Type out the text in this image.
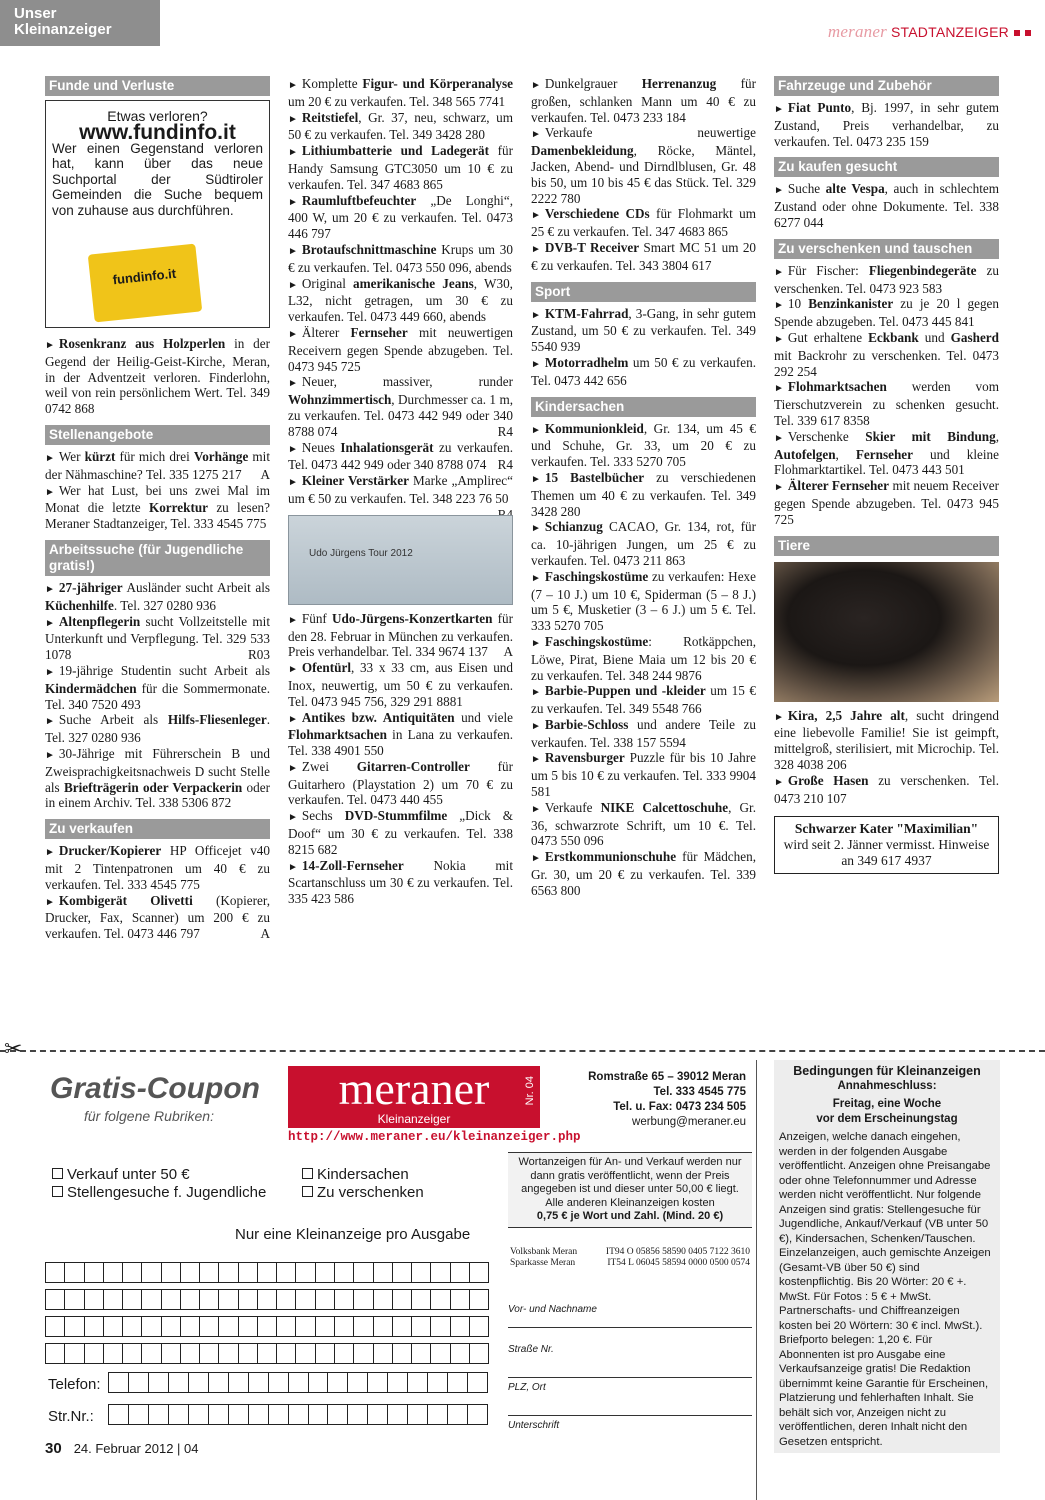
Unser
Kleinanzeiger	meraner STADTANZEIGER
Funde und Verluste
Etwas verloren?
www.fundinfo.it
Wer einen Gegenstand verloren hat, kann über das neue Suchportal der Südtiroler Gemeinden die Suche bequem von zuhause aus durchführen.
fundinfo.it

► Rosenkranz aus Holzperlen in der Gegend der Heilig-Geist-Kirche, Meran, in der Adventzeit verloren. Finderlohn, weil von rein persönlichem Wert. Tel. 349 0742 868

Stellenangebote

► Wer kürzt für mich drei Vorhänge mit der Nähmaschine? Tel. 335 1275 217 A

► Wer hat Lust, bei uns zwei Mal im Monat die letzte Korrektur zu lesen? Meraner Stadtanzeiger, Tel. 333 4545 775

Arbeitssuche (für Jugendliche gratis!)

► 27-jähriger Ausländer sucht Arbeit als Küchenhilfe. Tel. 327 0280 936

► Altenpflegerin sucht Vollzeitstelle mit Unterkunft und Verpflegung. Tel. 329 533 1078	R03

► 19-jährige Studentin sucht Arbeit als Kindermädchen für die Sommermonate. Tel. 340 7520 493

► Suche Arbeit als Hilfs-Fliesenleger. Tel. 327 0280 936

► 30-Jährige mit Führerschein B und Zweisprachigkeitsnachweis D sucht Stelle als Briefträgerin oder Verpackerin oder in einem Archiv. Tel. 338 5306 872

Zu verkaufen

► Drucker/Kopierer HP Officejet v40 mit 2 Tintenpatronen um 40 € zu verkaufen. Tel. 333 4545 775

► Kombigerät Olivetti (Kopierer, Drucker, Fax, Scanner) um 200 € zu verkaufen. Tel. 0473 446 797	A

► Komplette Figur- und Körperanalyse um 20 € zu verkaufen. Tel. 348 565 7741

► Reitstiefel, Gr. 37, neu, schwarz, um 50 € zu verkaufen. Tel. 349 3428 280

► Lithiumbatterie und Ladegerät für Handy Samsung GTC3050 um 10 € zu verkaufen. Tel. 347 4683 865

► Raumluftbefeuchter „De Longhi“, 400 W, um 20 € zu verkaufen. Tel. 0473 446 797

► Brotaufschnittmaschine Krups um 30 € zu verkaufen. Tel. 0473 550 096, abends

► Original amerikanische Jeans, W30, L32, nicht getragen, um 30 € zu verkaufen. Tel. 0473 449 660, abends

► Älterer Fernseher mit neuwertigen Receivern gegen Spende abzugeben. Tel. 0473 945 725

► Neuer, massiver, runder Wohnzimmertisch, Durchmesser ca. 1 m, zu verkaufen. Tel. 0473 442 949 oder 340 8788 074	R4

► Neues Inhalationsgerät zu verkaufen. Tel. 0473 442 949 oder 340 8788 074 R4

► Kleiner Verstärker Marke „Amplirec“ um € 50 zu verkaufen. Tel. 348 223 76 50

Udo Jürgens Tour 2012

► Fünf Udo-Jürgens-Konzertkarten für den 28. Februar in München zu verkaufen. Preis verhandelbar. Tel. 334 9674 137 A

► Ofentürl, 33 x 33 cm, aus Eisen und Inox, neuwertig, um 50 € zu verkaufen. Tel. 0473 945 756, 329 291 8881

► Antikes bzw. Antiquitäten und viele Flohmarktsachen in Lana zu verkaufen. Tel. 338 4901 550

► Zwei Gitarren-Controller für Guitarhero (Playstation 2) um 70 € zu verkaufen. Tel. 0473 440 455

► Sechs DVD-Stummfilme „Dick & Doof“ um 30 € zu verkaufen. Tel. 338 8215 682

► 14-Zoll-Fernseher Nokia mit Scartanschluss um 30 € zu verkaufen. Tel. 335 423 586

► Dunkelgrauer Herrenanzug für großen, schlanken Mann um 40 € zu verkaufen. Tel. 0473 233 184

► Verkaufe neuwertige Damenbekleidung, Röcke, Mäntel, Jacken, Abend- und Dirndlblusen, Gr. 48 bis 50, um 10 bis 45 € das Stück. Tel. 329 2222 780

► Verschiedene CDs für Flohmarkt um 25 € zu verkaufen. Tel. 347 4683 865

► DVB-T Receiver Smart MC 51 um 20 € zu verkaufen. Tel. 343 3804 617

Sport

► KTM-Fahrrad, 3-Gang, in sehr gutem Zustand, um 50 € zu verkaufen. Tel. 349 5540 939

► Motorradhelm um 50 € zu verkaufen. Tel. 0473 442 656

Kindersachen

► Kommunionkleid, Gr. 134, um 45 € und Schuhe, Gr. 33, um 20 € zu verkaufen. Tel. 333 5270 705

► 15 Bastelbücher zu verschiedenen Themen um 40 € zu verkaufen. Tel. 349 3428 280

► Schianzug CACAO, Gr. 134, rot, für ca. 10-jährigen Jungen, um 25 € zu verkaufen. Tel. 0473 211 863

► Faschingskostüme zu verkaufen: Hexe (7 – 10 J.) um 10 €, Spiderman (5 – 8 J.) um 5 €, Musketier (3 – 6 J.) um 5 €. Tel. 333 5270 705

► Faschingskostüme: Rotkäppchen, Löwe, Pirat, Biene Maia um 12 bis 20 € zu verkaufen. Tel. 348 244 9876

► Barbie-Puppen und -kleider um 15 € zu verkaufen. Tel. 349 5548 766

► Barbie-Schloss und andere Teile zu verkaufen. Tel. 338 157 5594

► Ravensburger Puzzle für bis 10 Jahre um 5 bis 10 € zu verkaufen. Tel. 333 9904 581

► Verkaufe NIKE Calcettoschuhe, Gr. 36, schwarzrote Schrift, um 10 €. Tel. 0473 550 096

► Erstkommunionschuhe für Mädchen, Gr. 30, um 20 € zu verkaufen. Tel. 339 6563 800

Fahrzeuge und Zubehör

► Fiat Punto, Bj. 1997, in sehr gutem Zustand, Preis verhandelbar, zu verkaufen. Tel. 0473 235 159

Zu kaufen gesucht

► Suche alte Vespa, auch in schlechtem Zustand oder ohne Dokumente. Tel. 338 6277 044

Zu verschenken und tauschen

► Für Fischer: Fliegenbindegeräte zu verschenken. Tel. 0473 923 583

► 10 Benzinkanister zu je 20 l gegen Spende abzugeben. Tel. 0473 445 841

► Gut erhaltene Eckbank und Gasherd mit Backrohr zu verschenken. Tel. 0473 292 254

► Flohmarktsachen werden vom Tierschutzverein zu schenken gesucht. Tel. 339 617 8358

► Verschenke Skier mit Bindung, Autofelgen, Fernseher und kleine Flohmarktartikel. Tel. 0473 443 501

► Älterer Fernseher mit neuem Receiver gegen Spende abzugeben. Tel. 0473 945 725

Tiere

► Kira, 2,5 Jahre alt, sucht dringend eine liebevolle Familie! Sie ist geimpft, mittelgroß, sterilisiert, mit Microchip. Tel. 328 4038 206

► Große Hasen zu verschenken. Tel. 0473 210 107

Schwarzer Kater "Maximilian"
wird seit 2. Jänner vermisst. Hinweise an 349 617 4937
✂
Gratis-Coupon
für folgene Rubriken:
meraner
Kleinanzeiger
Nr. 04
http://www.meraner.eu/kleinanzeiger.php
Romstraße 65 – 39012 Meran
Tel. 333 4545 775
Tel. u. Fax: 0473 234 505
werbung@meraner.eu
Verkauf unter 50 €
Stellengesuche f. Jugendliche
Kindersachen
Zu verschenken
Nur eine Kleinanzeige pro Ausgabe
Telefon:
Str.Nr.:
Wortanzeigen für An- und Verkauf werden nur dann gratis veröffentlicht, wenn der Preis angegeben ist und dieser unter 50,00 € liegt.
Alle anderen Kleinanzeigen kosten
0,75 € je Wort und Zahl. (Mind. 20 €)
Volksbank Meran	IT94 O 05856 58590 0405 7122 3610
Sparkasse Meran	IT54 L 06045 58594 0000 0500 0574
Vor- und Nachname
Straße Nr.
PLZ, Ort
Unterschrift
Bedingungen für Kleinanzeigen
Annahmeschluss:
Freitag, eine Woche
vor dem Erscheinungstag
Anzeigen, welche danach eingehen, werden in der folgenden Ausgabe veröffentlicht. Anzeigen ohne Preisangabe oder ohne Telefonnummer und Adresse werden nicht veröffentlicht. Nur folgende Anzeigen sind gratis: Stellengesuche für Jugendliche, Ankauf/Verkauf (VB unter 50 €), Kindersachen, Schenken/Tauschen. Einzelanzeigen, auch gemischte Anzeigen (Gesamt-VB über 50 €) sind kostenpflichtig. Bis 20 Wörter: 20 € +. MwSt. Für Fotos : 5 € + MwSt. Partnerschafts- und Chiffreanzeigen kosten bei 20 Wörtern: 30 € incl. MwSt.). Briefporto belegen: 1,20 €. Für Abonnenten ist pro Ausgabe eine Verkaufsanzeige gratis! Die Redaktion übernimmt keine Garantie für Erscheinen, Platzierung und fehlerhaften Inhalt. Sie behält sich vor, Anzeigen nicht zu veröffentlichen, deren Inhalt nicht den Gesetzen entspricht.
30 24. Februar 2012 | 04
